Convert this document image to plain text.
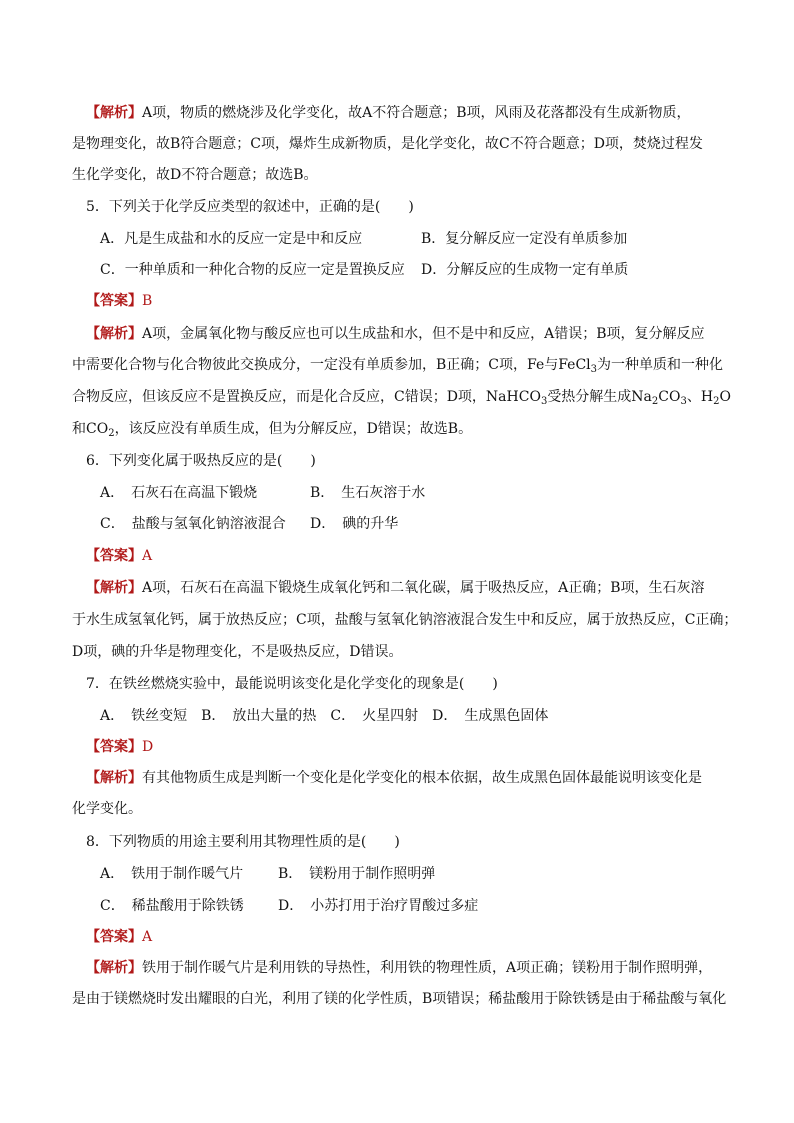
【解析】A项，物质的燃烧涉及化学变化，故A不符合题意；B项，风雨及花落都没有生成新物质，
是物理变化，故B符合题意；C项，爆炸生成新物质，是化学变化，故C不符合题意；D项，焚烧过程发
生化学变化，故D不符合题意；故选B。
5．下列关于化学反应类型的叙述中，正确的是(　　)
A．凡是生成盐和水的反应一定是中和反应	B．复分解反应一定没有单质参加
C．一种单质和一种化合物的反应一定是置换反应 D．分解反应的生成物一定有单质
【答案】B
【解析】A项，金属氧化物与酸反应也可以生成盐和水，但不是中和反应，A错误；B项，复分解反应
中需要化合物与化合物彼此交换成分，一定没有单质参加，B正确；C项，Fe与FeCl$_3$为一种单质和一种化
合物反应，但该反应不是置换反应，而是化合反应，C错误；D项，NaHCO$_3$受热分解生成$Na_2CO_3$、$H_2O$
和$CO_2$，该反应没有单质生成，但为分解反应，D错误；故选B。
6．下列变化属于吸热反应的是(　　)
A．　石灰石在高温下锻烧	B．　生石灰溶于水
C．　盐酸与氢氧化钠溶液混合 D．　碘的升华
【答案】A
【解析】A项，石灰石在高温下锻烧生成氧化钙和二氧化碳，属于吸热反应，A正确；B项，生石灰溶
于水生成氢氧化钙，属于放热反应；C项，盐酸与氢氧化钠溶液混合发生中和反应，属于放热反应，C正确；
D项，碘的升华是物理变化，不是吸热反应，D错误。
7．在铁丝燃烧实验中，最能说明该变化是化学变化的现象是(　　)
A．　铁丝变短　B．　放出大量的热　C．　火星四射　D．　生成黑色固体
【答案】D
【解析】有其他物质生成是判断一个变化是化学变化的根本依据，故生成黑色固体最能说明该变化是
化学变化。
8．下列物质的用途主要利用其物理性质的是(　　)
A．　铁用于制作暖气片 B．　镁粉用于制作照明弹
C．　稀盐酸用于除铁锈 D．　小苏打用于治疗胃酸过多症
【答案】A
【解析】铁用于制作暖气片是利用铁的导热性，利用铁的物理性质，A项正确；镁粉用于制作照明弹，
是由于镁燃烧时发出耀眼的白光，利用了镁的化学性质，B项错误；稀盐酸用于除铁锈是由于稀盐酸与氧化
